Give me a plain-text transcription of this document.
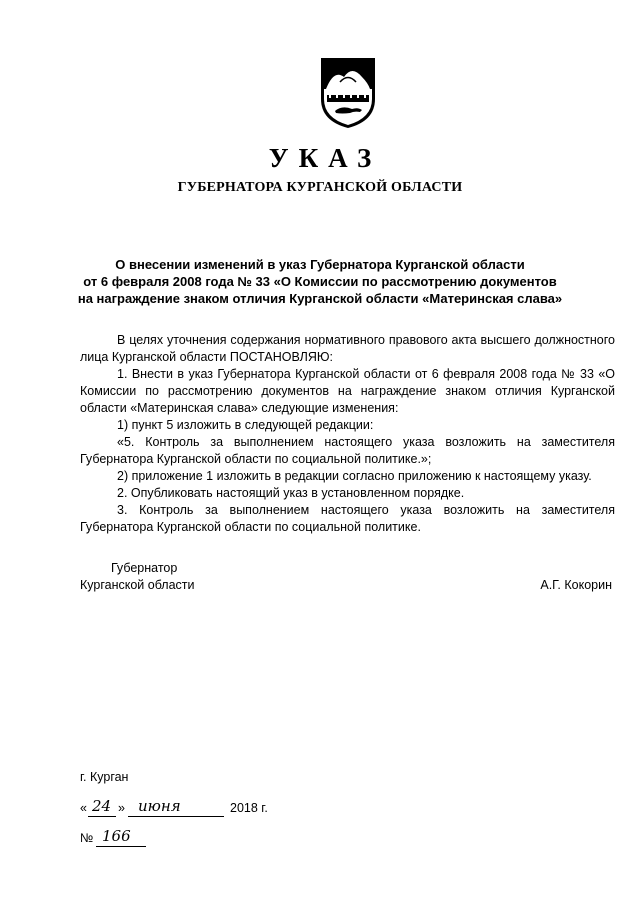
УКАЗ
ГУБЕРНАТОРА КУРГАНСКОЙ ОБЛАСТИ
О внесении изменений в указ Губернатора Курганской области
от 6 февраля 2008 года № 33 «О Комиссии по рассмотрению документов
на награждение знаком отличия Курганской области «Материнская слава»

В целях уточнения содержания нормативного правового акта высшего должностного лица Курганской области ПОСТАНОВЛЯЮ:

1. Внести в указ Губернатора Курганской области от 6 февраля 2008 года № 33 «О Комиссии по рассмотрению документов на награждение знаком отличия Курганской области «Материнская слава» следующие изменения:

1) пункт 5 изложить в следующей редакции:

«5. Контроль за выполнением настоящего указа возложить на заместителя Губернатора Курганской области по социальной политике.»;

2) приложение 1 изложить в редакции согласно приложению к настоящему указу.

2. Опубликовать настоящий указ в установленном порядке.

3. Контроль за выполнением настоящего указа возложить на заместителя Губернатора Курганской области по социальной политике.

Губернатор
Курганской области	А.Г. Кокорин
г. Курган
« 24 » июня	2018 г.
№ 166
